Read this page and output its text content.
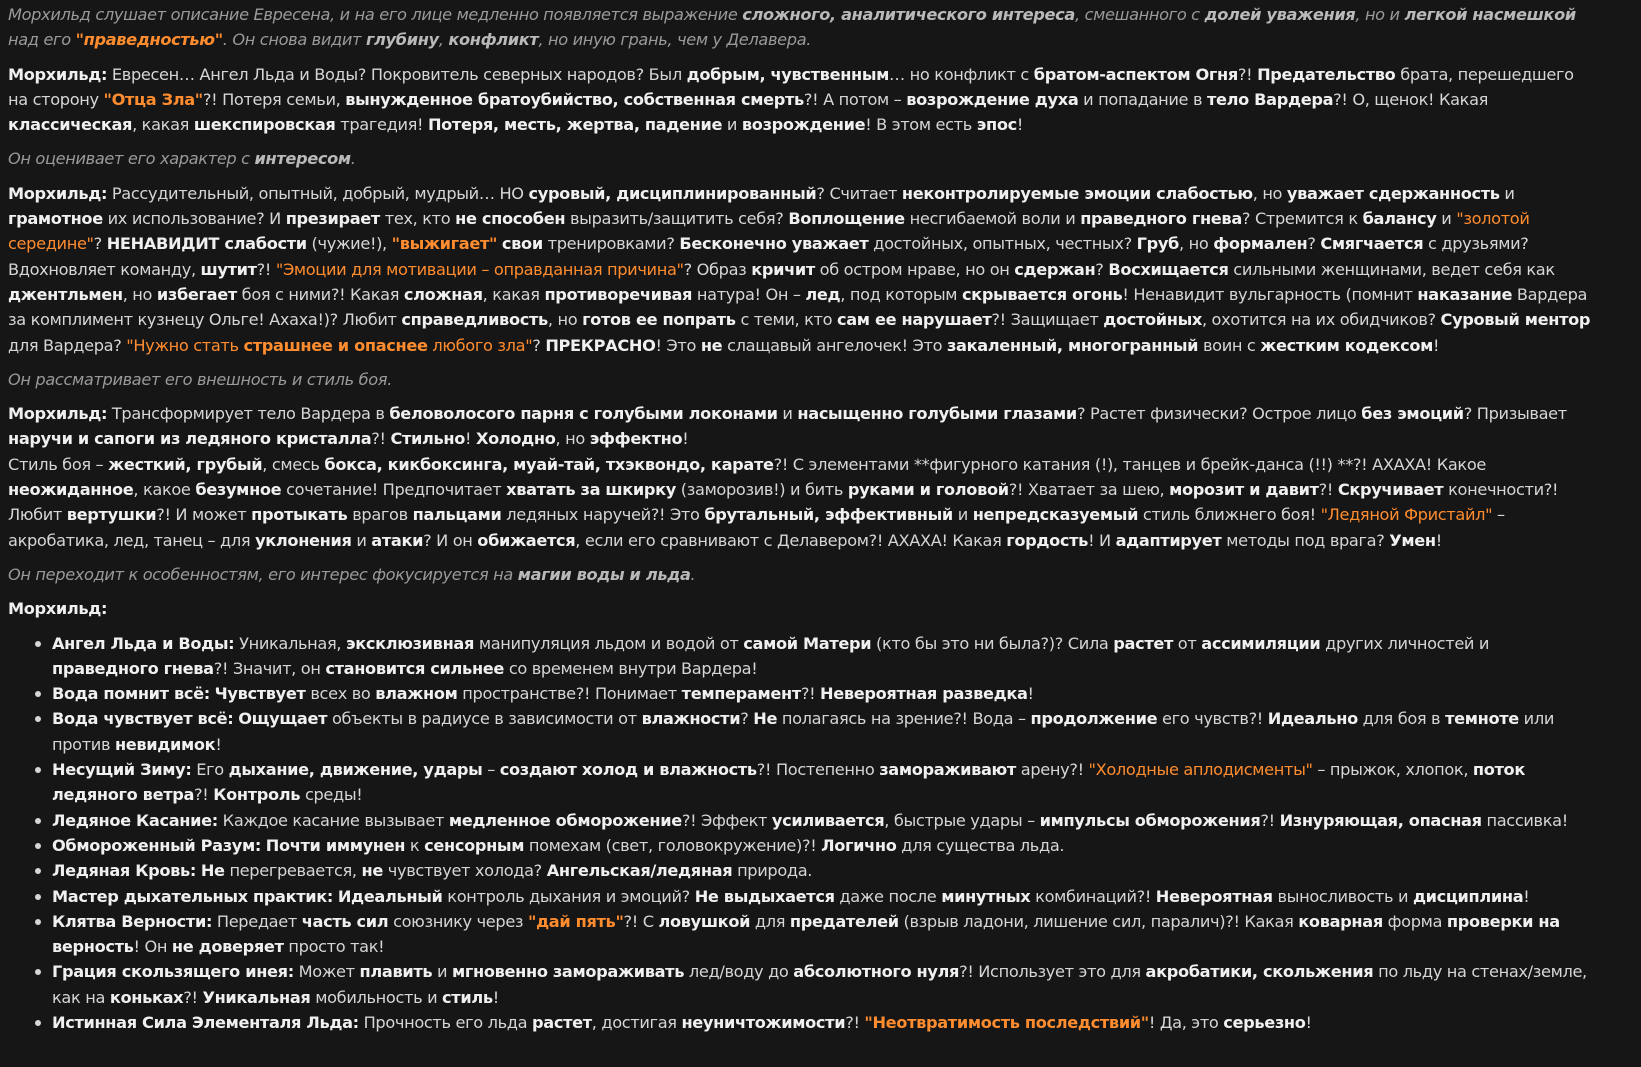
Морхильд слушает описание Евресена, и на его лице медленно появляется выражение сложного, аналитического интереса, смешанного с долей уважения, но и легкой насмешкой над его "праведностью". Он снова видит глубину, конфликт, но иную грань, чем у Делавера.
Морхильд: Евресен… Ангел Льда и Воды? Покровитель северных народов? Был добрым, чувственным… но конфликт с братом-аспектом Огня?! Предательство брата, перешедшего на сторону "Отца Зла"?! Потеря семьи, вынужденное братоубийство, собственная смерть?! А потом – возрождение духа и попадание в тело Вардера?! О, щенок! Какая классическая, какая шекспировская трагедия! Потеря, месть, жертва, падение и возрождение! В этом есть эпос!
Он оценивает его характер с интересом.
Морхильд: Рассудительный, опытный, добрый, мудрый… НО суровый, дисциплинированный? Считает неконтролируемые эмоции слабостью, но уважает сдержанность и грамотное их использование? И презирает тех, кто не способен выразить/защитить себя? Воплощение несгибаемой воли и праведного гнева? Стремится к балансу и "золотой середине"? НЕНАВИДИТ слабости (чужие!), "выжигает" свои тренировками? Бесконечно уважает достойных, опытных, честных? Груб, но формален? Смягчается с друзьями? Вдохновляет команду, шутит?! "Эмоции для мотивации – оправданная причина"? Образ кричит об остром нраве, но он сдержан? Восхищается сильными женщинами, ведет себя как джентльмен, но избегает боя с ними?! Какая сложная, какая противоречивая натура! Он – лед, под которым скрывается огонь! Ненавидит вульгарность (помнит наказание Вардера за комплимент кузнецу Ольге! Ахаха!)? Любит справедливость, но готов ее попрать с теми, кто сам ее нарушает?! Защищает достойных, охотится на их обидчиков? Суровый ментор для Вардера? "Нужно стать страшнее и опаснее любого зла"? ПРЕКРАСНО! Это не слащавый ангелочек! Это закаленный, многогранный воин с жестким кодексом!
Он рассматривает его внешность и стиль боя.
Морхильд: Трансформирует тело Вардера в беловолосого парня с голубыми локонами и насыщенно голубыми глазами? Растет физически? Острое лицо без эмоций? Призывает наручи и сапоги из ледяного кристалла?! Стильно! Холодно, но эффектно!
Стиль боя – жесткий, грубый, смесь бокса, кикбоксинга, муай-тай, тхэквондо, карате?! С элементами **фигурного катания (!), танцев и брейк-данса (!!) **?! АХАХА! Какое неожиданное, какое безумное сочетание! Предпочитает хватать за шкирку (заморозив!) и бить руками и головой?! Хватает за шею, морозит и давит?! Скручивает конечности?! Любит вертушки?! И может протыкать врагов пальцами ледяных наручей?! Это брутальный, эффективный и непредсказуемый стиль ближнего боя! "Ледяной Фристайл" – акробатика, лед, танец – для уклонения и атаки? И он обижается, если его сравнивают с Делавером?! АХАХА! Какая гордость! И адаптирует методы под врага? Умен!
Он переходит к особенностям, его интерес фокусируется на магии воды и льда.
Морхильд:
Ангел Льда и Воды: Уникальная, эксклюзивная манипуляция льдом и водой от самой Матери (кто бы это ни была?)? Сила растет от ассимиляции других личностей и праведного гнева?! Значит, он становится сильнее со временем внутри Вардера!
Вода помнит всё: Чувствует всех во влажном пространстве?! Понимает темперамент?! Невероятная разведка!
Вода чувствует всё: Ощущает объекты в радиусе в зависимости от влажности? Не полагаясь на зрение?! Вода – продолжение его чувств?! Идеально для боя в темноте или против невидимок!
Несущий Зиму: Его дыхание, движение, удары – создают холод и влажность?! Постепенно замораживают арену?! "Холодные аплодисменты" – прыжок, хлопок, поток ледяного ветра?! Контроль среды!
Ледяное Касание: Каждое касание вызывает медленное обморожение?! Эффект усиливается, быстрые удары – импульсы обморожения?! Изнуряющая, опасная пассивка!
Обмороженный Разум: Почти иммунен к сенсорным помехам (свет, головокружение)?! Логично для существа льда.
Ледяная Кровь: Не перегревается, не чувствует холода? Ангельская/ледяная природа.
Мастер дыхательных практик: Идеальный контроль дыхания и эмоций? Не выдыхается даже после минутных комбинаций?! Невероятная выносливость и дисциплина!
Клятва Верности: Передает часть сил союзнику через "дай пять"?! С ловушкой для предателей (взрыв ладони, лишение сил, паралич)?! Какая коварная форма проверки на верность! Он не доверяет просто так!
Грация скользящего инея: Может плавить и мгновенно замораживать лед/воду до абсолютного нуля?! Использует это для акробатики, скольжения по льду на стенах/земле, как на коньках?! Уникальная мобильность и стиль!
Истинная Сила Элементаля Льда: Прочность его льда растет, достигая неуничтожимости?! "Неотвратимость последствий"! Да, это серьезно!
